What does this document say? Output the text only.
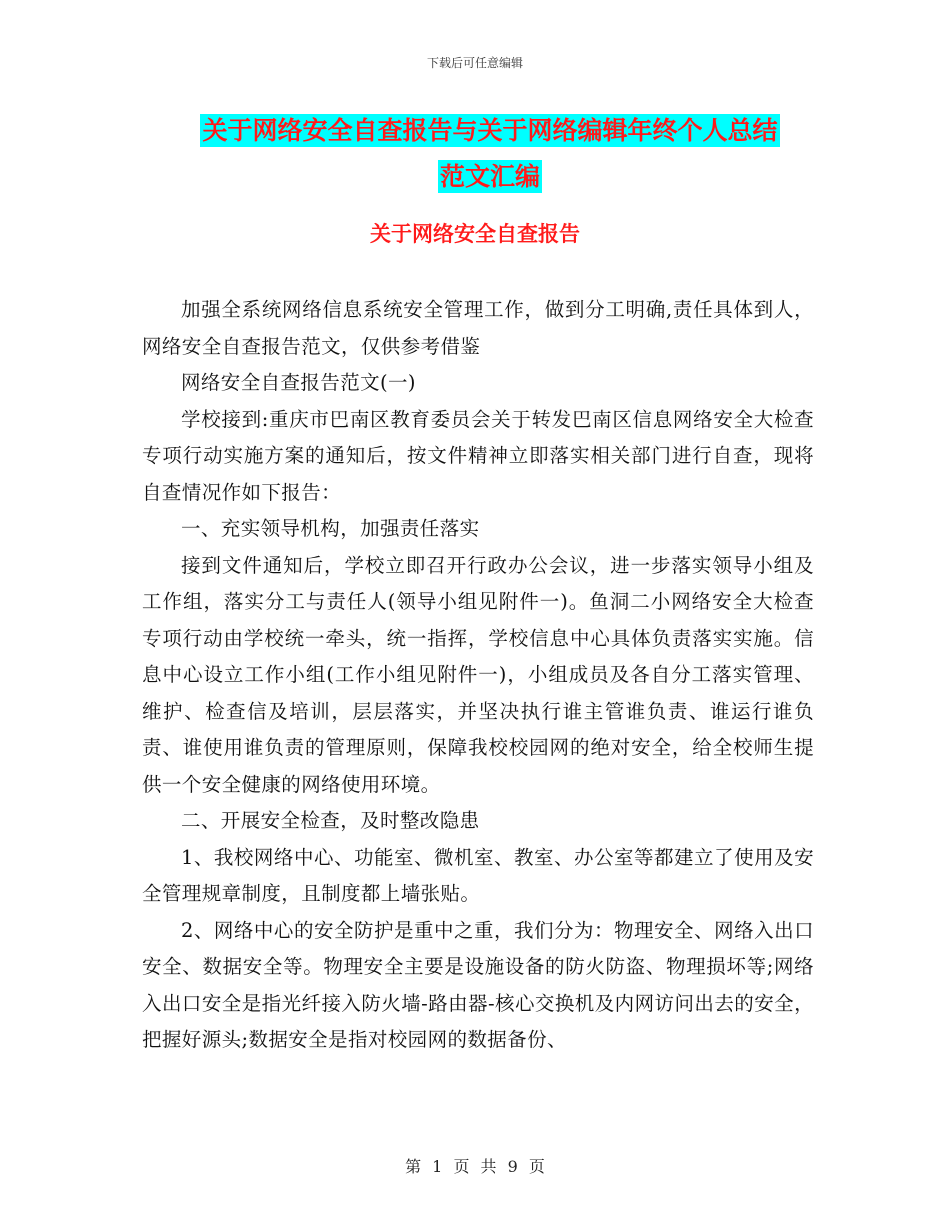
下载后可任意编辑
关于网络安全自查报告与关于网络编辑年终个人总结
范文汇编
关于网络安全自查报告

加强全系统网络信息系统安全管理工作，做到分工明确,责任具体到人，网络安全自查报告范文，仅供参考借鉴

网络安全自查报告范文(一)

学校接到:重庆市巴南区教育委员会关于转发巴南区信息网络安全大检查专项行动实施方案的通知后，按文件精神立即落实相关部门进行自查，现将自查情况作如下报告：

一、充实领导机构，加强责任落实

接到文件通知后，学校立即召开行政办公会议，进一步落实领导小组及工作组，落实分工与责任人(领导小组见附件一)。鱼洞二小网络安全大检查专项行动由学校统一牵头，统一指挥，学校信息中心具体负责落实实施。信息中心设立工作小组(工作小组见附件一)，小组成员及各自分工落实管理、维护、检查信及培训，层层落实，并坚决执行谁主管谁负责、谁运行谁负责、谁使用谁负责的管理原则，保障我校校园网的绝对安全，给全校师生提供一个安全健康的网络使用环境。

二、开展安全检查，及时整改隐患

1、我校网络中心、功能室、微机室、教室、办公室等都建立了使用及安全管理规章制度，且制度都上墙张贴。

2、网络中心的安全防护是重中之重，我们分为：物理安全、网络入出口安全、数据安全等。物理安全主要是设施设备的防火防盗、物理损坏等;网络入出口安全是指光纤接入防火墙-路由器-核心交换机及内网访问出去的安全，把握好源头;数据安全是指对校园网的数据备份、

第 1 页 共 9 页
